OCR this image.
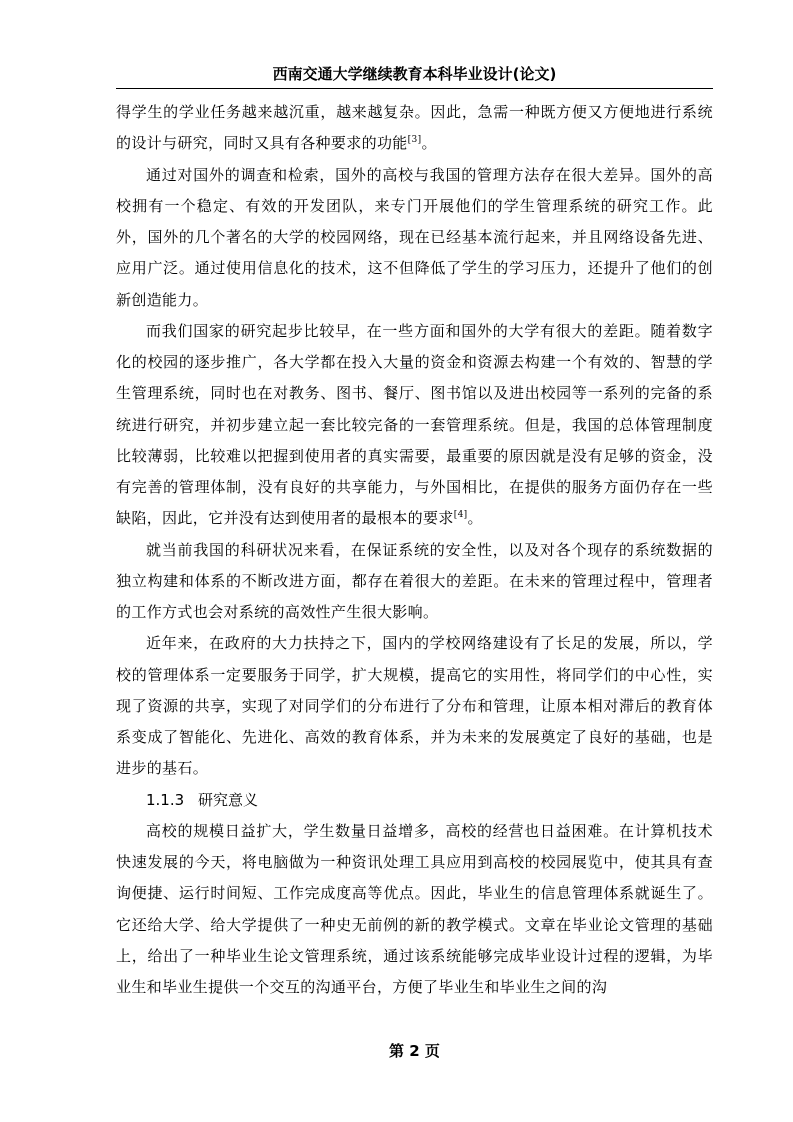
西南交通大学继续教育本科毕业设计(论文)

得学生的学业任务越来越沉重，越来越复杂。因此，急需一种既方便又方便地进行系统的设计与研究，同时又具有各种要求的功能[3]。

通过对国外的调查和检索，国外的高校与我国的管理方法存在很大差异。国外的高校拥有一个稳定、有效的开发团队，来专门开展他们的学生管理系统的研究工作。此外，国外的几个著名的大学的校园网络，现在已经基本流行起来，并且网络设备先进、应用广泛。通过使用信息化的技术，这不但降低了学生的学习压力，还提升了他们的创新创造能力。

而我们国家的研究起步比较早，在一些方面和国外的大学有很大的差距。随着数字化的校园的逐步推广，各大学都在投入大量的资金和资源去构建一个有效的、智慧的学生管理系统，同时也在对教务、图书、餐厅、图书馆以及进出校园等一系列的完备的系统进行研究，并初步建立起一套比较完备的一套管理系统。但是，我国的总体管理制度比较薄弱，比较难以把握到使用者的真实需要，最重要的原因就是没有足够的资金，没有完善的管理体制，没有良好的共享能力，与外国相比，在提供的服务方面仍存在一些缺陷，因此，它并没有达到使用者的最根本的要求[4]。

就当前我国的科研状况来看，在保证系统的安全性，以及对各个现存的系统数据的独立构建和体系的不断改进方面，都存在着很大的差距。在未来的管理过程中，管理者的工作方式也会对系统的高效性产生很大影响。

近年来，在政府的大力扶持之下，国内的学校网络建设有了长足的发展，所以，学校的管理体系一定要服务于同学，扩大规模，提高它的实用性，将同学们的中心性，实现了资源的共享，实现了对同学们的分布进行了分布和管理，让原本相对滞后的教育体系变成了智能化、先进化、高效的教育体系，并为未来的发展奠定了良好的基础，也是进步的基石。

1.1.3 研究意义

高校的规模日益扩大，学生数量日益增多，高校的经营也日益困难。在计算机技术快速发展的今天，将电脑做为一种资讯处理工具应用到高校的校园展览中，使其具有查询便捷、运行时间短、工作完成度高等优点。因此，毕业生的信息管理体系就诞生了。它还给大学、给大学提供了一种史无前例的新的教学模式。文章在毕业论文管理的基础上，给出了一种毕业生论文管理系统，通过该系统能够完成毕业设计过程的逻辑，为毕业生和毕业生提供一个交互的沟通平台，方便了毕业生和毕业生之间的沟

第 2 页
